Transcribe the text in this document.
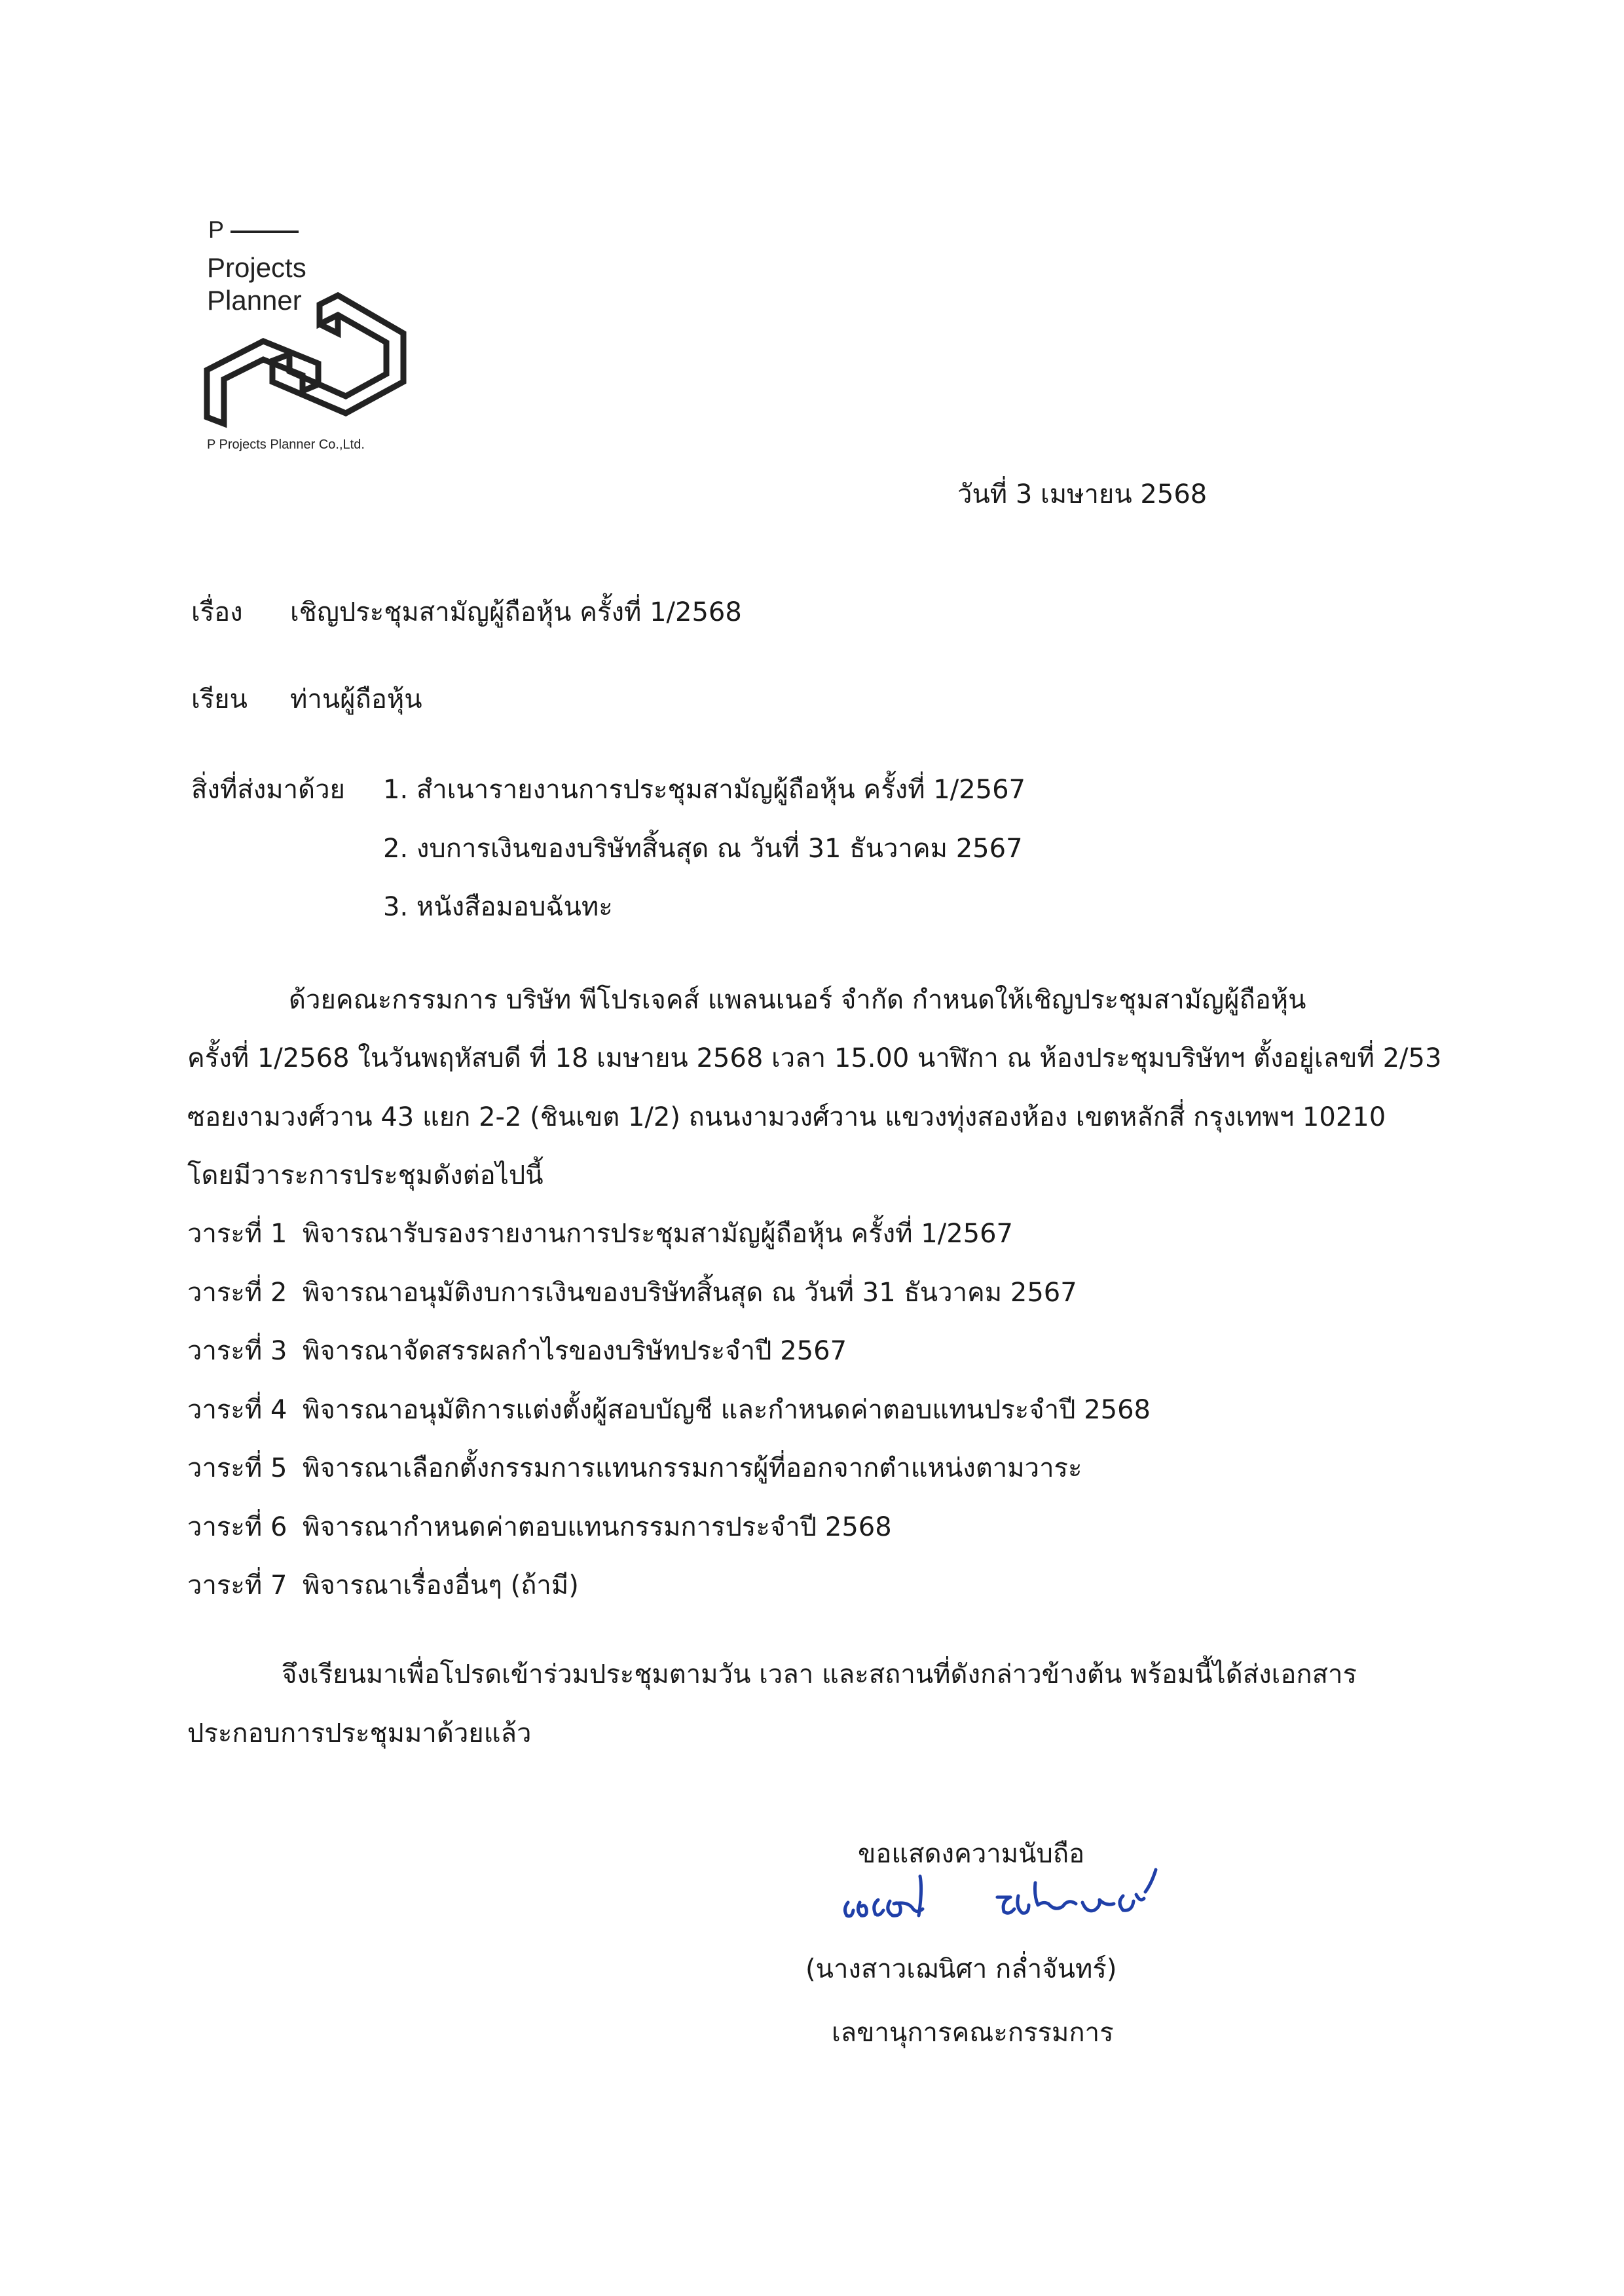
P
Projects
Planner
P Projects Planner Co.,Ltd.
วันที่ 3 เมษายน 2568
เรื่อง เชิญประชุมสามัญผู้ถือหุ้น ครั้งที่ 1/2568
เรียน ท่านผู้ถือหุ้น
สิ่งที่ส่งมาด้วย 1. สำเนารายงานการประชุมสามัญผู้ถือหุ้น ครั้งที่ 1/2567
2. งบการเงินของบริษัทสิ้นสุด ณ วันที่ 31 ธันวาคม 2567
3. หนังสือมอบฉันทะ
ด้วยคณะกรรมการ บริษัท พีโปรเจคส์ แพลนเนอร์ จำกัด กำหนดให้เชิญประชุมสามัญผู้ถือหุ้น
ครั้งที่ 1/2568 ในวันพฤหัสบดี ที่ 18 เมษายน 2568 เวลา 15.00 นาฬิกา ณ ห้องประชุมบริษัทฯ ตั้งอยู่เลขที่ 2/53
ซอยงามวงศ์วาน 43 แยก 2-2 (ชินเขต 1/2) ถนนงามวงศ์วาน แขวงทุ่งสองห้อง เขตหลักสี่ กรุงเทพฯ 10210
โดยมีวาระการประชุมดังต่อไปนี้
วาระที่ 1 พิจารณารับรองรายงานการประชุมสามัญผู้ถือหุ้น ครั้งที่ 1/2567
วาระที่ 2 พิจารณาอนุมัติงบการเงินของบริษัทสิ้นสุด ณ วันที่ 31 ธันวาคม 2567
วาระที่ 3 พิจารณาจัดสรรผลกำไรของบริษัทประจำปี 2567
วาระที่ 4 พิจารณาอนุมัติการแต่งตั้งผู้สอบบัญชี และกำหนดค่าตอบแทนประจำปี 2568
วาระที่ 5 พิจารณาเลือกตั้งกรรมการแทนกรรมการผู้ที่ออกจากตำแหน่งตามวาระ
วาระที่ 6 พิจารณากำหนดค่าตอบแทนกรรมการประจำปี 2568
วาระที่ 7 พิจารณาเรื่องอื่นๆ (ถ้ามี)
จึงเรียนมาเพื่อโปรดเข้าร่วมประชุมตามวัน เวลา และสถานที่ดังกล่าวข้างต้น พร้อมนี้ได้ส่งเอกสาร
ประกอบการประชุมมาด้วยแล้ว
ขอแสดงความนับถือ
(นางสาวเฌนิศา กล่ำจันทร์)
เลขานุการคณะกรรมการ
